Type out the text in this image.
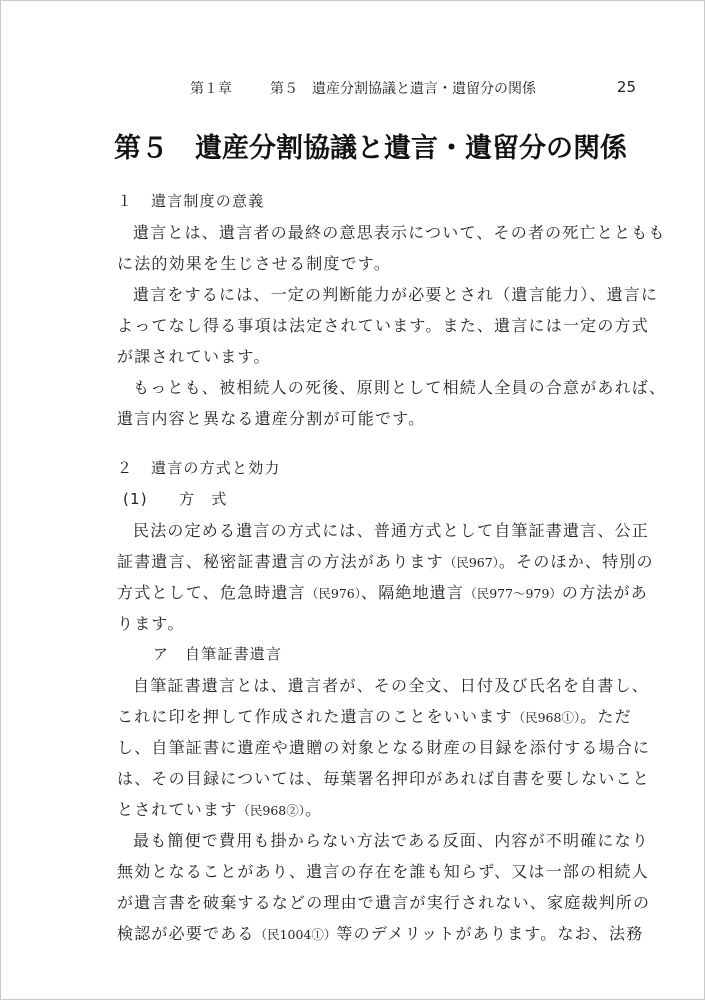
第１章	第５　遺産分割協議と遺言・遺留分の関係	25
第５　遺産分割協議と遺言・遺留分の関係
１ 遺言制度の意義
遺言とは、遺言者の最終の意思表示について、その者の死亡とともも
に法的効果を生じさせる制度です。
遺言をするには、一定の判断能力が必要とされ（遺言能力）、遺言に
よってなし得る事項は法定されています。また、遺言には一定の方式
が課されています。
もっとも、被相続人の死後、原則として相続人全員の合意があれば、
遺言内容と異なる遺産分割が可能です。
２ 遺言の方式と効力
(1) 方　式
民法の定める遺言の方式には、普通方式として自筆証書遺言、公正
証書遺言、秘密証書遺言の方法があります（民967）。そのほか、特別の
方式として、危急時遺言（民976）、隔絶地遺言（民977〜979）の方法があ
ります。
ア 自筆証書遺言
自筆証書遺言とは、遺言者が、その全文、日付及び氏名を自書し、
これに印を押して作成された遺言のことをいいます（民968①）。ただ
し、自筆証書に遺産や遺贈の対象となる財産の目録を添付する場合に
は、その目録については、毎葉署名押印があれば自書を要しないこと
とされています（民968②）。
最も簡便で費用も掛からない方法である反面、内容が不明確になり
無効となることがあり、遺言の存在を誰も知らず、又は一部の相続人
が遺言書を破棄するなどの理由で遺言が実行されない、家庭裁判所の
検認が必要である（民1004①）等のデメリットがあります。なお、法務
